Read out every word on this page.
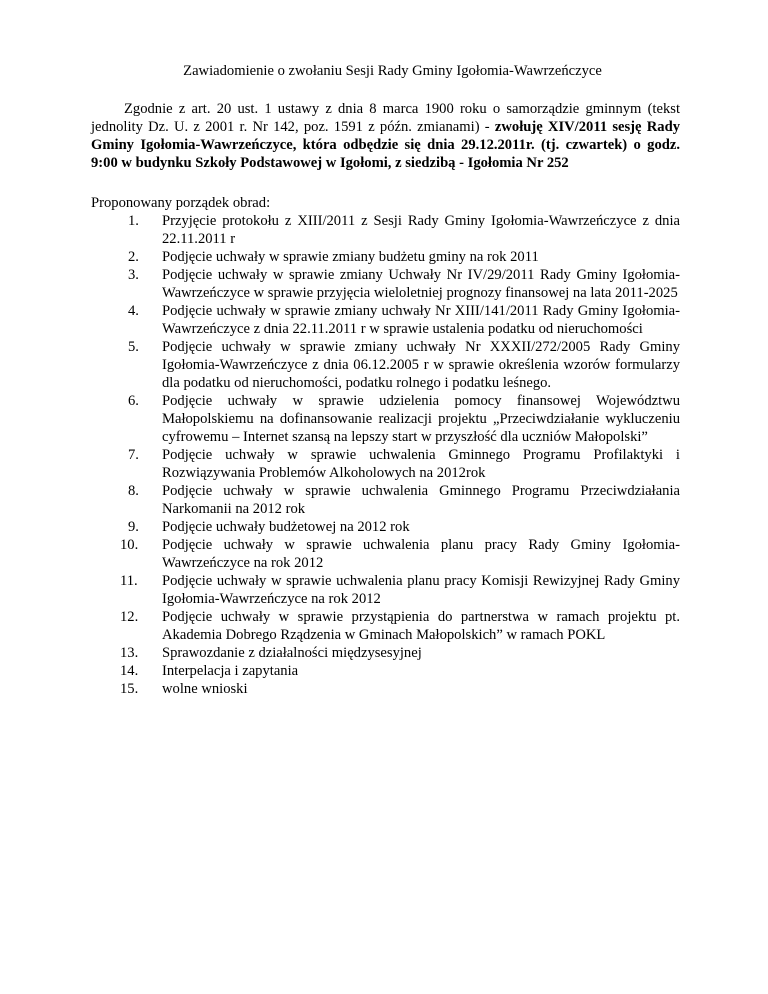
Zawiadomienie o zwołaniu Sesji Rady Gminy Igołomia-Wawrzeńczyce

Zgodnie z art. 20 ust. 1 ustawy z dnia 8 marca 1900 roku o samorządzie gminnym (tekst jednolity Dz. U. z 2001 r. Nr 142, poz. 1591 z późn. zmianami) - zwołuję XIV/2011 sesję Rady Gminy Igołomia-Wawrzeńczyce, która odbędzie się dnia 29.12.2011r. (tj. czwartek) o godz. 9:00 w budynku Szkoły Podstawowej w Igołomi, z siedzibą - Igołomia Nr 252

Proponowany porządek obrad:

1.	Przyjęcie protokołu z XIII/2011 z Sesji Rady Gminy Igołomia-Wawrzeńczyce z dnia 22.11.2011 r
2.	Podjęcie uchwały w sprawie zmiany budżetu gminy na rok 2011
3.	Podjęcie uchwały w sprawie zmiany Uchwały Nr IV/29/2011 Rady Gminy Igołomia-Wawrzeńczyce w sprawie przyjęcia wieloletniej prognozy finansowej na lata 2011-2025
4.	Podjęcie uchwały w sprawie zmiany uchwały Nr XIII/141/2011 Rady Gminy Igołomia-Wawrzeńczyce z dnia 22.11.2011 r w sprawie ustalenia podatku od nieruchomości
5.	Podjęcie uchwały w sprawie zmiany uchwały Nr XXXII/272/2005 Rady Gminy Igołomia-Wawrzeńczyce z dnia 06.12.2005 r w sprawie określenia wzorów formularzy dla podatku od nieruchomości, podatku rolnego i podatku leśnego.
6.	Podjęcie uchwały w sprawie udzielenia pomocy finansowej Województwu Małopolskiemu na dofinansowanie realizacji projektu „Przeciwdziałanie wykluczeniu cyfrowemu – Internet szansą na lepszy start w przyszłość dla uczniów Małopolski”
7.	Podjęcie uchwały w sprawie uchwalenia Gminnego Programu Profilaktyki i Rozwiązywania Problemów Alkoholowych na 2012rok
8.	Podjęcie uchwały w sprawie uchwalenia Gminnego Programu Przeciwdziałania Narkomanii na 2012 rok
9.	Podjęcie uchwały budżetowej na 2012 rok
10.	Podjęcie uchwały w sprawie uchwalenia planu pracy Rady Gminy Igołomia-Wawrzeńczyce na rok 2012
11.	Podjęcie uchwały w sprawie uchwalenia planu pracy Komisji Rewizyjnej Rady Gminy Igołomia-Wawrzeńczyce na rok 2012
12.	Podjęcie uchwały w sprawie przystąpienia do partnerstwa w ramach projektu pt. Akademia Dobrego Rządzenia w Gminach Małopolskich” w ramach POKL
13.	Sprawozdanie z działalności międzysesyjnej
14.	Interpelacja i zapytania
15.	wolne wnioski
